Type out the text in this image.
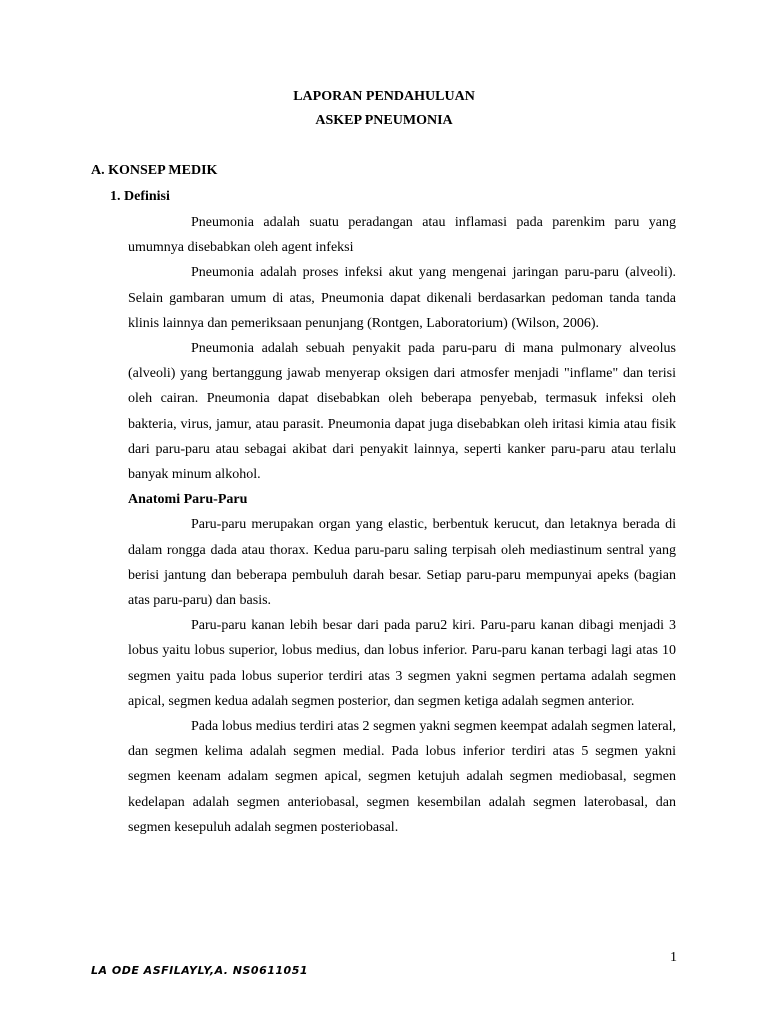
LAPORAN PENDAHULUAN
ASKEP PNEUMONIA
A. KONSEP MEDIK
1. Definisi

Pneumonia adalah suatu peradangan atau inflamasi pada parenkim paru yang umumnya disebabkan oleh agent infeksi

Pneumonia adalah proses infeksi akut yang mengenai jaringan paru-paru (alveoli). Selain gambaran umum di atas, Pneumonia dapat dikenali berdasarkan pedoman tanda tanda klinis lainnya dan pemeriksaan penunjang (Rontgen, Laboratorium) (Wilson, 2006).

Pneumonia adalah sebuah penyakit pada paru-paru di mana pulmonary alveolus (alveoli) yang bertanggung jawab menyerap oksigen dari atmosfer menjadi "inflame" dan terisi oleh cairan. Pneumonia dapat disebabkan oleh beberapa penyebab, termasuk infeksi oleh bakteria, virus, jamur, atau parasit. Pneumonia dapat juga disebabkan oleh iritasi kimia atau fisik dari paru-paru atau sebagai akibat dari penyakit lainnya, seperti kanker paru-paru atau terlalu banyak minum alkohol.

Anatomi Paru-Paru

Paru-paru merupakan organ yang elastic, berbentuk kerucut, dan letaknya berada di dalam rongga dada atau thorax. Kedua paru-paru saling terpisah oleh mediastinum sentral yang berisi jantung dan beberapa pembuluh darah besar. Setiap paru-paru mempunyai apeks (bagian atas paru-paru) dan basis.

Paru-paru kanan lebih besar dari pada paru2 kiri. Paru-paru kanan dibagi menjadi 3 lobus yaitu lobus superior, lobus medius, dan lobus inferior. Paru-paru kanan terbagi lagi atas 10 segmen yaitu pada lobus superior terdiri atas 3 segmen yakni segmen pertama adalah segmen apical, segmen kedua adalah segmen posterior, dan segmen ketiga adalah segmen anterior.

Pada lobus medius terdiri atas 2 segmen yakni segmen keempat adalah segmen lateral, dan segmen kelima adalah segmen medial. Pada lobus inferior terdiri atas 5 segmen yakni segmen keenam adalam segmen apical, segmen ketujuh adalah segmen mediobasal, segmen kedelapan adalah segmen anteriobasal, segmen kesembilan adalah segmen laterobasal, dan segmen kesepuluh adalah segmen posteriobasal.

1
LA ODE ASFILAYLY,A. NS0611051
